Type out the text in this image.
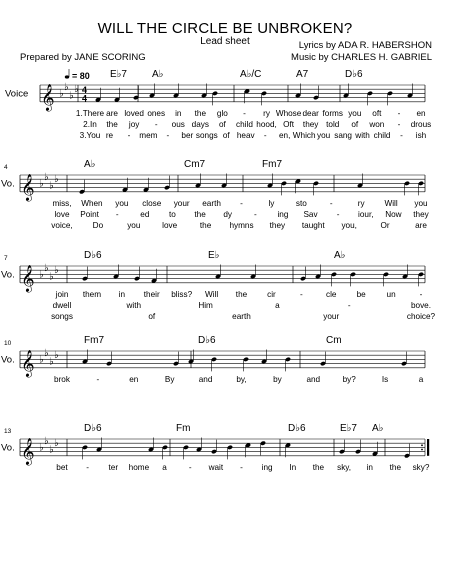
WILL THE CIRCLE BE UNBROKEN?
Lead sheet	Lyrics by ADA R. HABERSHON
Music by CHARLES H. GABRIEL
Prepared by JANE SCORING
𝄞 ♭
♭
♭
♭ 4
4
= 80
Voice
E♭7	A♭	A♭/C	A7	D♭6
1.There are loved ones in the glo - ry Whose dear forms you oft - en
2.In the joy - ous days of child hood, Oft they told of won - drous
3.You re - mem - ber songs of heav - en, Which you sang with child - ish
𝄞 ♭
♭
♭
♭
Vo.
4	A♭	Cm7	Fm7
miss, When you close your earth -	ly	sto	-	ry Will you
love Point -	ed to the dy	-	ing Sav - iour, Now they
voice, Do	you	love	the hymns they taught you,	Or	are
𝄞 ♭
♭
♭
♭
Vo.
7	D♭6	E♭	A♭
join them in their bliss? Will the cir	-	cle be	un	-
dwell	with	Him	a	-	bove.
songs	of	earth	your	choice?
𝄞 ♭
♭
♭
♭
Vo.
10	Fm7	D♭6	Cm
brok	-	en	By	and	by,	by	and	by?	Is	a
𝄞 ♭
♭
♭
♭
Vo.
13	D♭6	Fm	D♭6	E♭7 A♭
bet - ter home a	- wait - ing In the sky, in the sky?
